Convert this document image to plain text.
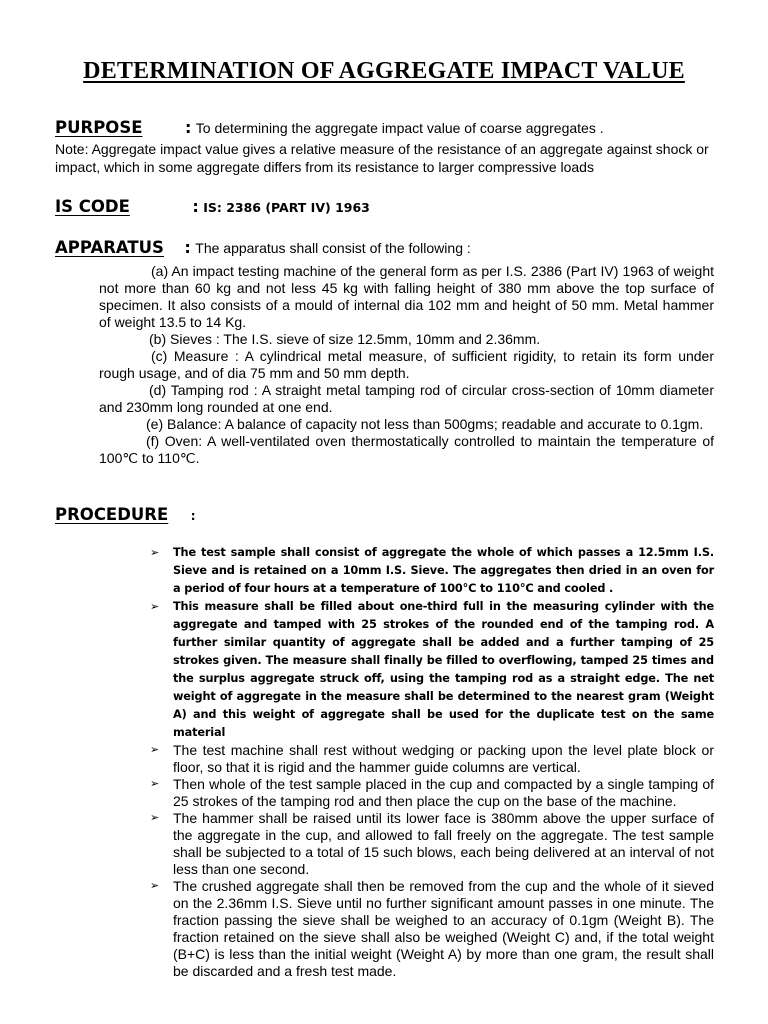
DETERMINATION OF AGGREGATE IMPACT VALUE
PURPOSE	: To determining the aggregate impact value of coarse aggregates .
Note: Aggregate impact value gives a relative measure of the resistance of an aggregate against shock or impact, which in some aggregate differs from its resistance to larger compressive loads
IS CODE	: IS: 2386 (PART IV) 1963
APPARATUS : The apparatus shall consist of the following :

(a) An impact testing machine of the general form as per I.S. 2386 (Part IV) 1963 of weight not more than 60 kg and not less 45 kg with falling height of 380 mm above the top surface of specimen. It also consists of a mould of internal dia 102 mm and height of 50 mm. Metal hammer of weight 13.5 to 14 Kg.

(b) Sieves : The I.S. sieve of size 12.5mm, 10mm and 2.36mm.

(c) Measure : A cylindrical metal measure, of sufficient rigidity, to retain its form under rough usage, and of dia 75 mm and 50 mm depth.

(d) Tamping rod : A straight metal tamping rod of circular cross-section of 10mm diameter and 230mm long rounded at one end.

(e) Balance: A balance of capacity not less than 500gms; readable and accurate to 0.1gm.

(f) Oven: A well-ventilated oven thermostatically controlled to maintain the temperature of 100℃ to 110℃.

PROCEDURE :
➢ The test sample shall consist of aggregate the whole of which passes a 12.5mm I.S. Sieve and is retained on a 10mm I.S. Sieve. The aggregates then dried in an oven for a period of four hours at a temperature of 100°C to 110°C and cooled .
➢ This measure shall be filled about one-third full in the measuring cylinder with the aggregate and tamped with 25 strokes of the rounded end of the tamping rod. A further similar quantity of aggregate shall be added and a further tamping of 25 strokes given. The measure shall finally be filled to overflowing, tamped 25 times and the surplus aggregate struck off, using the tamping rod as a straight edge. The net weight of aggregate in the measure shall be determined to the nearest gram (Weight A) and this weight of aggregate shall be used for the duplicate test on the same material
➢ The test machine shall rest without wedging or packing upon the level plate block or floor, so that it is rigid and the hammer guide columns are vertical.
➢ Then whole of the test sample placed in the cup and compacted by a single tamping of 25 strokes of the tamping rod and then place the cup on the base of the machine.
➢ The hammer shall be raised until its lower face is 380mm above the upper surface of the aggregate in the cup, and allowed to fall freely on the aggregate. The test sample shall be subjected to a total of 15 such blows, each being delivered at an interval of not less than one second.
➢ The crushed aggregate shall then be removed from the cup and the whole of it sieved on the 2.36mm I.S. Sieve until no further significant amount passes in one minute. The fraction passing the sieve shall be weighed to an accuracy of 0.1gm (Weight B). The fraction retained on the sieve shall also be weighed (Weight C) and, if the total weight (B+C) is less than the initial weight (Weight A) by more than one gram, the result shall be discarded and a fresh test made.
